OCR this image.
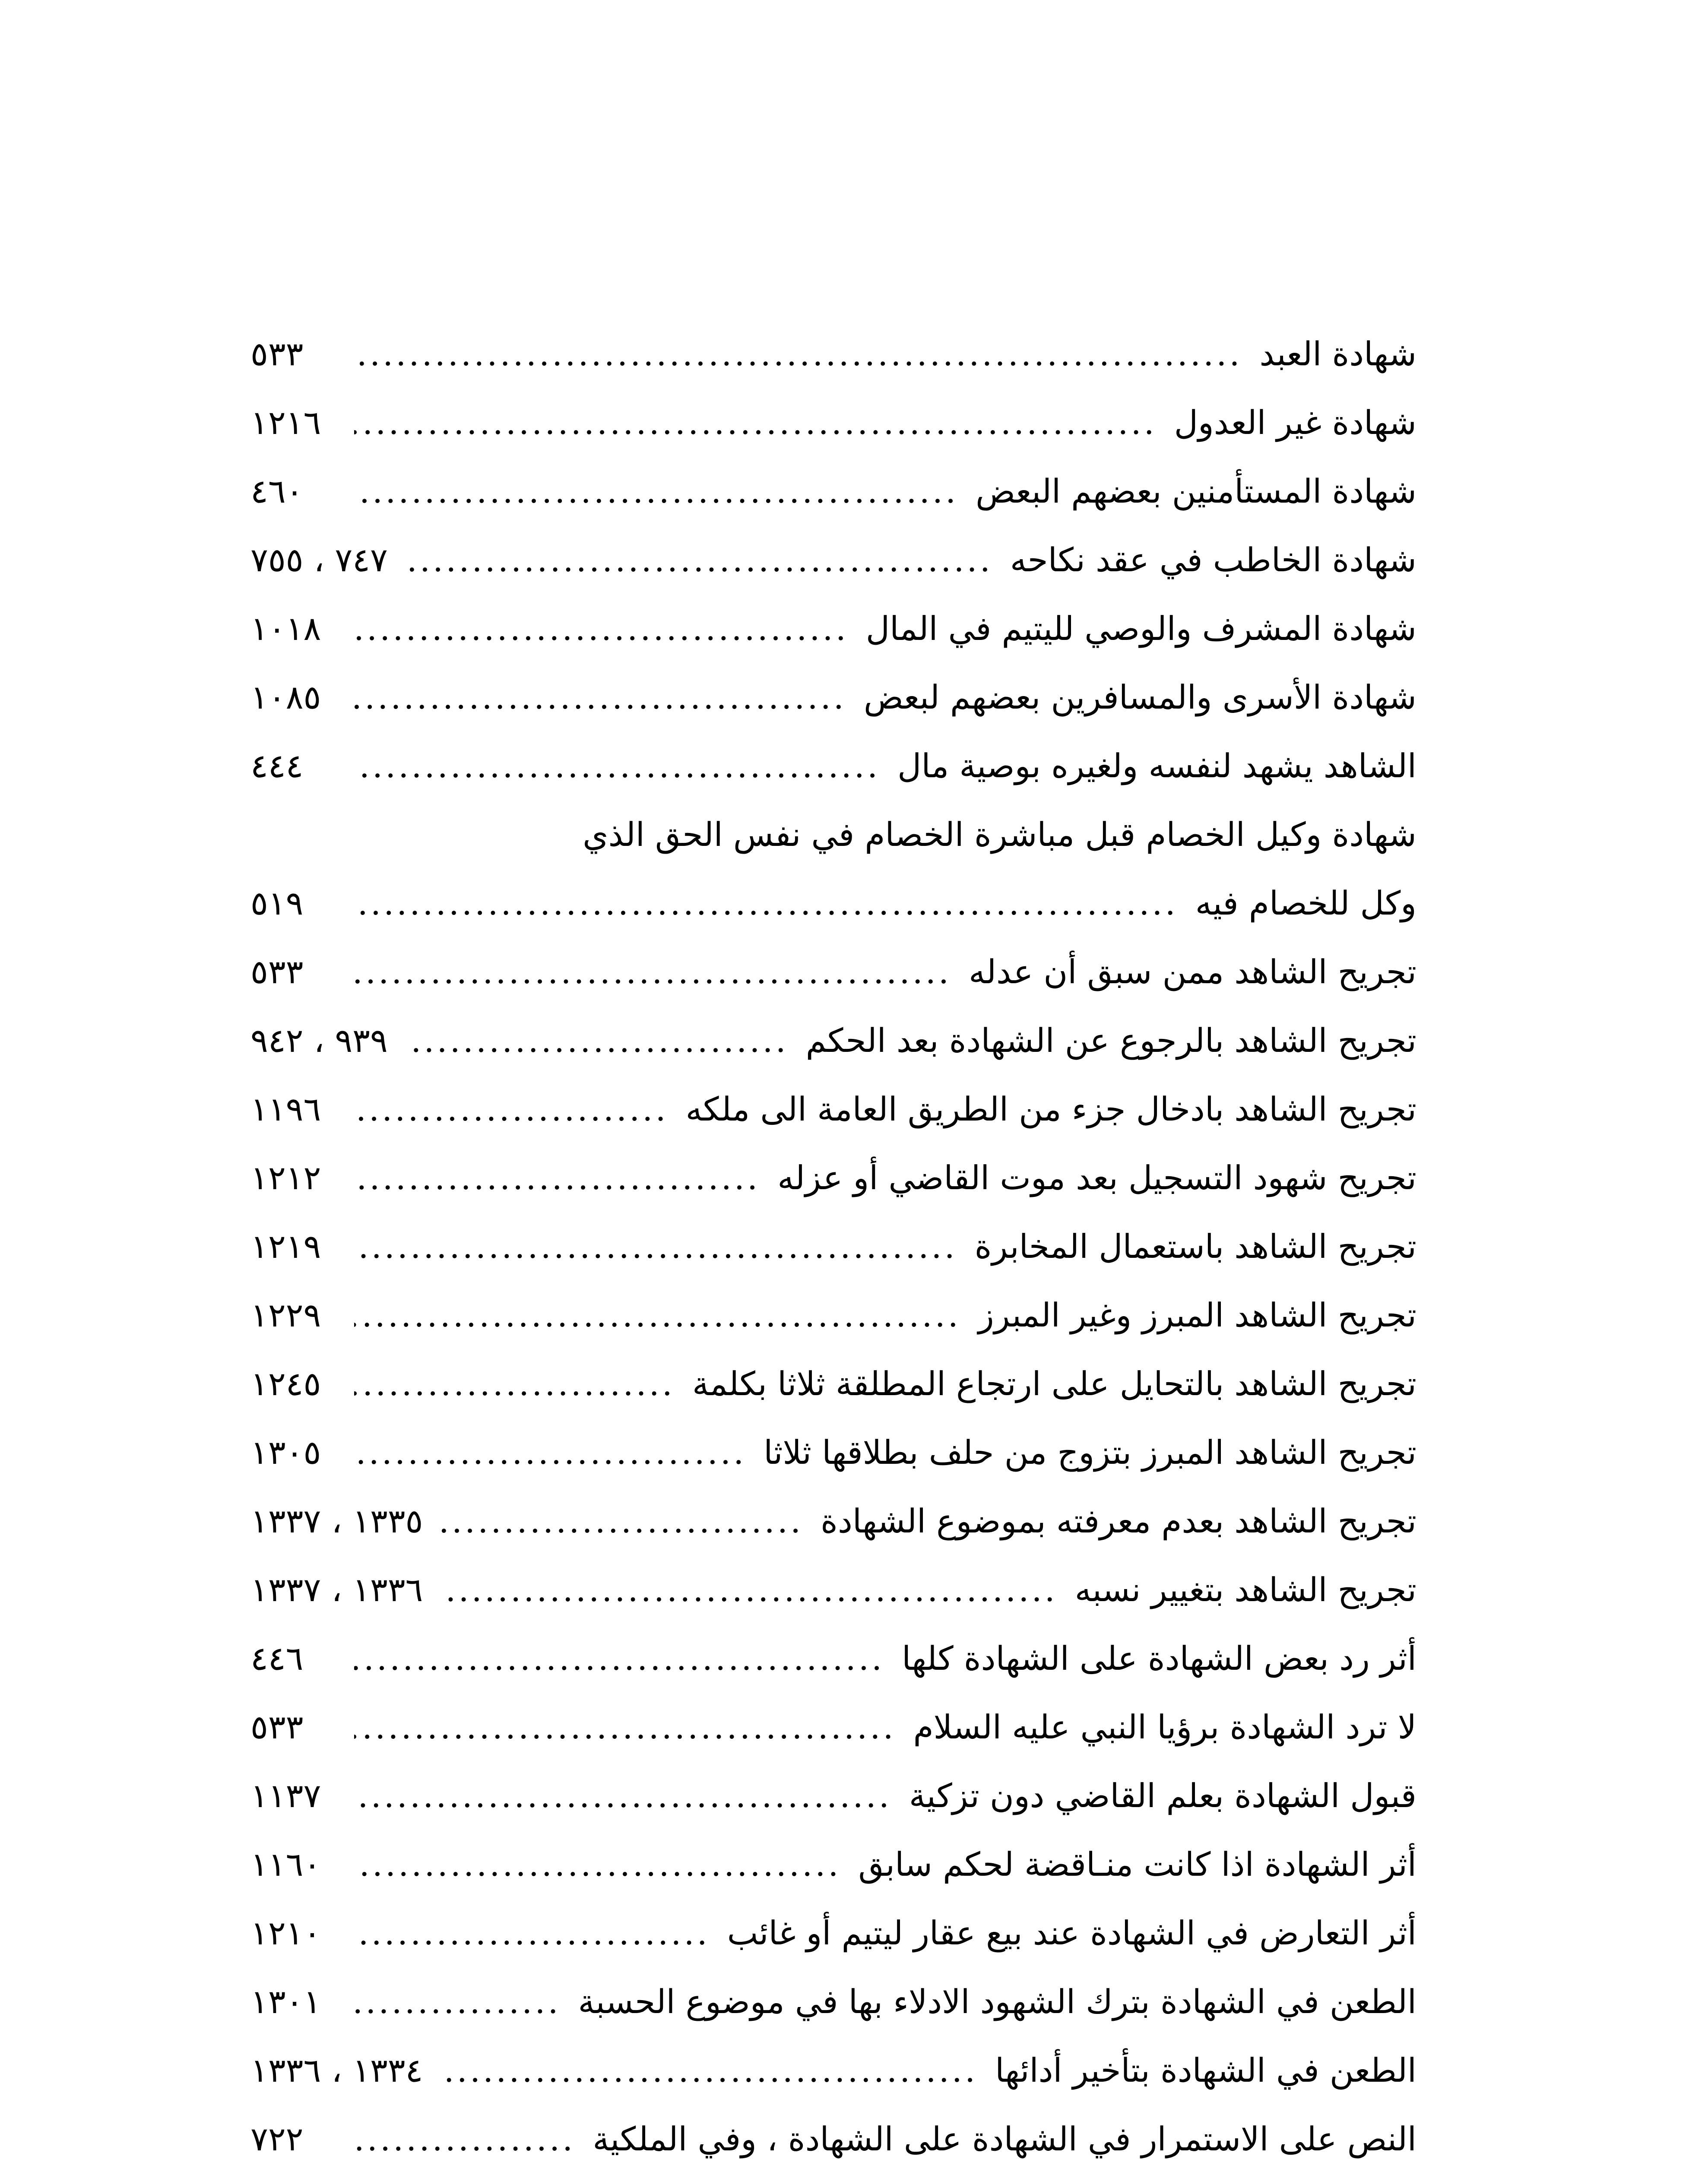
شهادة العبد
.....
٥٣٣
شهادة غير العدول
.....
١٢١٦
شهادة المستأمنين بعضهم البعض
.....
٤٦٠
شهادة الخاطب في عقد نكاحه
.....
٧٤٧ ، ٧٥٥
شهادة المشرف والوصي لليتيم في المال
.....
١٠١٨
شهادة الأسرى والمسافرين بعضهم لبعض
.....
١٠٨٥
الشاهد يشهد لنفسه ولغيره بوصية مال
.....
٤٤٤
شهادة وكيل الخصام قبل مباشرة الخصام في نفس الحق الذي
وكل للخصام فيه
.....
٥١٩
تجريح الشاهد ممن سبق أن عدله
.....
٥٣٣
تجريح الشاهد بالرجوع عن الشهادة بعد الحكم
.....
٩٣٩ ، ٩٤٢
تجريح الشاهد بادخال جزء من الطريق العامة الى ملكه
.....
١١٩٦
تجريح شهود التسجيل بعد موت القاضي أو عزله
.....
١٢١٢
تجريح الشاهد باستعمال المخابرة
.....
١٢١٩
تجريح الشاهد المبرز وغير المبرز
.....
١٢٢٩
تجريح الشاهد بالتحايل على ارتجاع المطلقة ثلاثا بكلمة
.....
١٢٤٥
تجريح الشاهد المبرز بتزوج من حلف بطلاقها ثلاثا
.....
١٣٠٥
تجريح الشاهد بعدم معرفته بموضوع الشهادة
.....
١٣٣٥ ، ١٣٣٧
تجريح الشاهد بتغيير نسبه
.....
١٣٣٦ ، ١٣٣٧
أثر رد بعض الشهادة على الشهادة كلها
.....
٤٤٦
لا ترد الشهادة برؤيا النبي عليه السلام
.....
٥٣٣
قبول الشهادة بعلم القاضي دون تزكية
.....
١١٣٧
أثر الشهادة اذا كانت منـاقضة لحكم سابق
.....
١١٦٠
أثر التعارض في الشهادة عند بيع عقار ليتيم أو غائب
.....
١٢١٠
الطعن في الشهادة بترك الشهود الادلاء بها في موضوع الحسبة
.....
١٣٠١
الطعن في الشهادة بتأخير أدائها
.....
١٣٣٤ ، ١٣٣٦
النص على الاستمرار في الشهادة على الشهادة ، وفي الملكية
.....
٧٢٢
